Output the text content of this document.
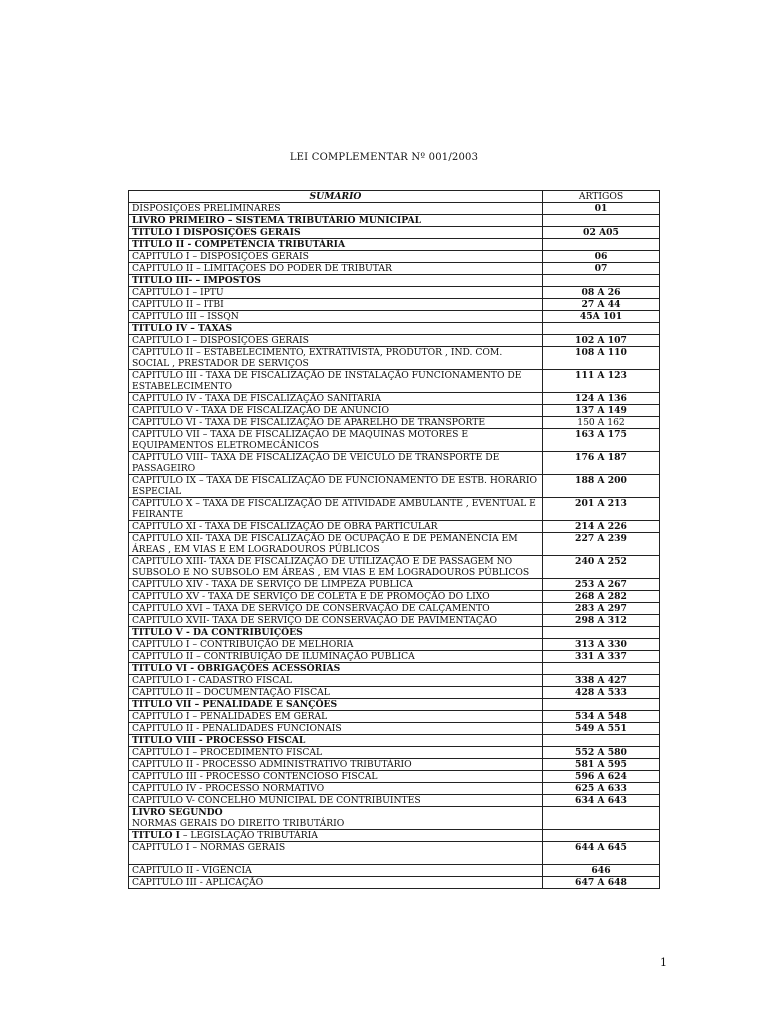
LEI COMPLEMENTAR Nº 001/2003
SUMARIO	ARTIGOS
DISPOSIÇÕES PRELIMINARES	01
LIVRO PRIMEIRO – SISTEMA TRIBUTÁRIO MUNICIPAL	
TITULO I DISPOSIÇÕES GERAIS	02 A05
TITULO II - COMPETÊNCIA TRIBUTÁRIA	
CAPITULO I – DISPOSIÇÕES GERAIS	06
CAPITULO II – LIMITAÇÕES DO PODER DE TRIBUTAR	07
TITULO III- – IMPOSTOS	
CAPITULO I – IPTU	08 A 26
CAPITULO II – ITBI	27 A 44
CAPITULO III – ISSQN	45A 101
TITULO IV – TAXAS	
CAPITULO I – DISPOSIÇÕES GERAIS	102 A 107
CAPITULO II – ESTABELECIMENTO, EXTRATIVISTA, PRODUTOR , IND. COM. SOCIAL , PRESTADOR DE SERVIÇOS	108 A 110
CAPITULO III - TAXA DE FISCALIZAÇÃO DE INSTALAÇÃO FUNCIONAMENTO DE ESTABELECIMENTO	111 A 123
CAPITULO IV - TAXA DE FISCALIZAÇÃO SANITARIA	124 A 136
CAPITULO V - TAXA DE FISCALIZAÇÃO DE ANUNCIO	137 A 149
CAPITULO VI - TAXA DE FISCALIZAÇÃO DE APARELHO DE TRANSPORTE	150 A 162
CAPITULO VII – TAXA DE FISCALIZAÇÃO DE MAQUINAS MOTORES E EQUIPAMENTOS ELETROMECÂNICOS	163 A 175
CAPITULO VIII– TAXA DE FISCALIZAÇÃO DE VEICULO DE TRANSPORTE DE PASSAGEIRO	176 A 187
CAPITULO IX – TAXA DE FISCALIZAÇÃO DE FUNCIONAMENTO DE ESTB. HORÁRIO ESPECIAL	188 A 200
CAPITULO X – TAXA DE FISCALIZAÇÃO DE ATIVIDADE AMBULANTE , EVENTUAL E FEIRANTE	201 A 213
CAPITULO XI - TAXA DE FISCALIZAÇÃO DE OBRA PARTICULAR	214 A 226
CAPITULO XII- TAXA DE FISCALIZAÇÃO DE OCUPAÇÃO E DE PEMANÊNCIA EM ÁREAS , EM VIAS E EM LOGRADOUROS PÚBLICOS	227 A 239
CAPITULO XIII- TAXA DE FISCALIZAÇÃO DE UTILIZAÇÃO E DE PASSAGEM NO SUBSOLO E NO SUBSOLO EM ÁREAS , EM VIAS E EM LOGRADOUROS PÚBLICOS	240 A 252
CAPITULO XIV - TAXA DE SERVIÇO DE LIMPEZA PUBLICA	253 A 267
CAPITULO XV - TAXA DE SERVIÇO DE COLETA E DE PROMOÇÃO DO LIXO	268 A 282
CAPITULO XVI – TAXA DE SERVIÇO DE CONSERVAÇÃO DE CALÇAMENTO	283 A 297
CAPITULO XVII- TAXA DE SERVIÇO DE CONSERVAÇÃO DE PAVIMENTAÇÃO	298 A 312
TITULO V - DA CONTRIBUIÇÕES	
CAPITULO I – CONTRIBUIÇÃO DE MELHORIA	313 A 330
CAPITULO II – CONTRIBUIÇÃO DE ILUMINAÇÃO PUBLICA	331 A 337
TITULO VI - OBRIGAÇÕES ACESSÓRIAS	
CAPITULO I - CADASTRO FISCAL	338 A 427
CAPITULO II – DOCUMENTAÇÃO FISCAL	428 A 533
TITULO VII – PENALIDADE E SANÇÕES	
CAPITULO I – PENALIDADES EM GERAL	534 A 548
CAPITULO II - PENALIDADES FUNCIONAIS	549 A 551
TITULO VIII - PROCESSO FISCAL	
CAPITULO I – PROCEDIMENTO FISCAL	552 A 580
CAPITULO II - PROCESSO ADMINISTRATIVO TRIBUTÁRIO	581 A 595
CAPITULO III - PROCESSO CONTENCIOSO FISCAL	596 A 624
CAPITULO IV - PROCESSO NORMATIVO	625 A 633
CAPITULO V- CONCELHO MUNICIPAL DE CONTRIBUINTES	634 A 643

LIVRO SEGUNDO
NORMAS GERAIS DO DIREITO TRIBUTÁRIO	

TITULO I – LEGISLAÇÃO TRIBUTÁRIA	
CAPITULO I – NORMAS GERAIS	644 A 645
CAPITULO II - VIGÊNCIA	646
CAPITULO III - APLICAÇÃO	647 A 648
1
